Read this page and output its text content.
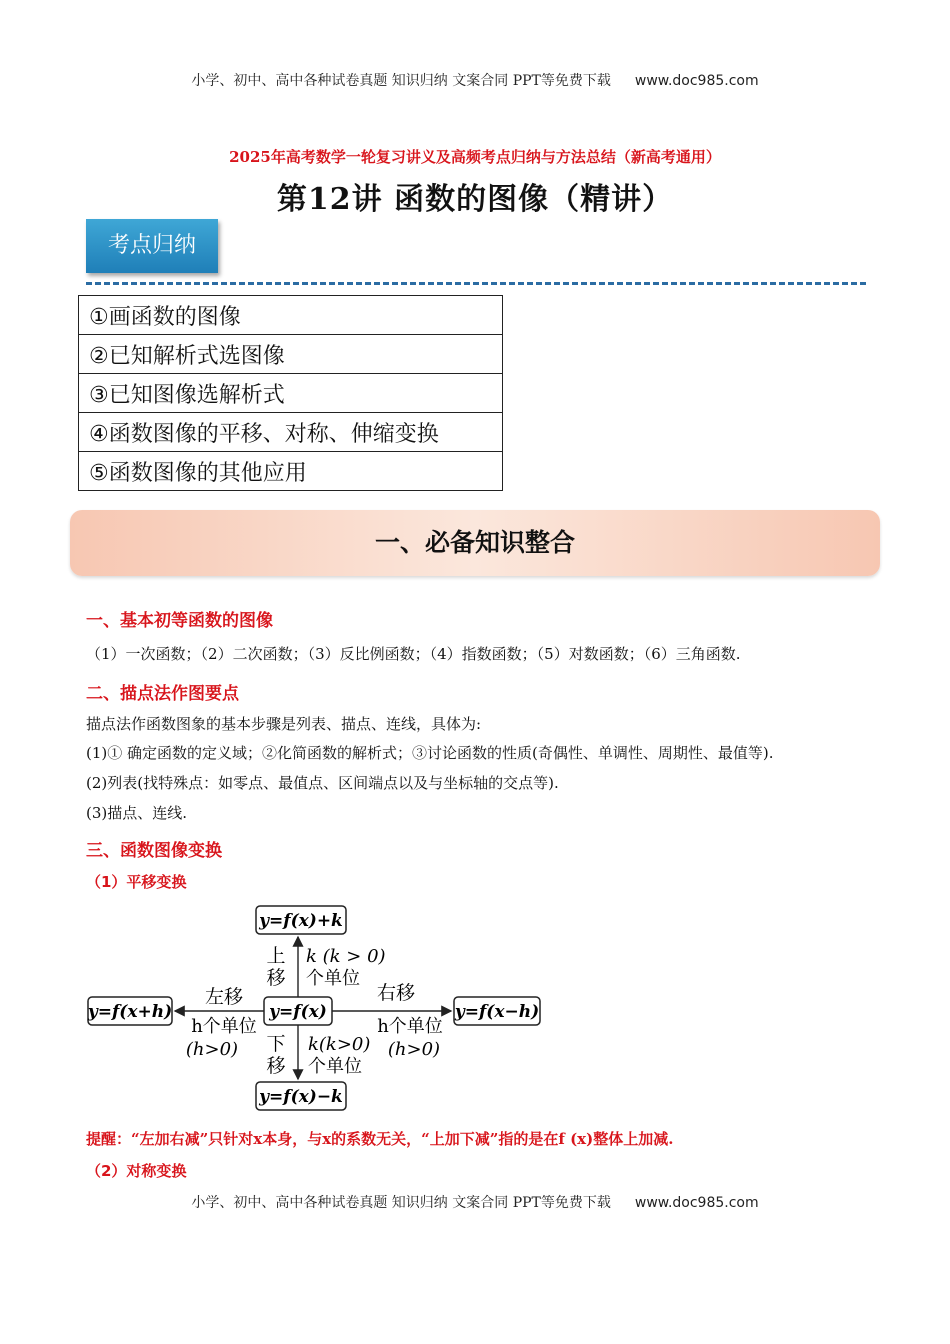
小学、初中、高中各种试卷真题 知识归纳 文案合同 PPT等免费下载 www.doc985.com
2025年高考数学一轮复习讲义及高频考点归纳与方法总结（新高考通用）
第12讲 函数的图像（精讲）
考点归纳
①画函数的图像
②已知解析式选图像
③已知图像选解析式
④函数图像的平移、对称、伸缩变换
⑤函数图像的其他应用
一、必备知识整合
一、基本初等函数的图像
（1）一次函数；（2）二次函数；（3）反比例函数；（4）指数函数；（5）对数函数；（6）三角函数.
二、描点法作图要点
描点法作函数图象的基本步骤是列表、描点、连线，具体为:
(1)① 确定函数的定义域；②化简函数的解析式；③讨论函数的性质(奇偶性、单调性、周期性、最值等).
(2)列表(找特殊点：如零点、最值点、区间端点以及与坐标轴的交点等).
(3)描点、连线.
三、函数图像变换
（1）平移变换
y=f(x)+k
y=f(x)
y=f(x+h)	y=f(x−h)
y=f(x)−k
上
移
k (k > 0)
个单位
下
移
k(k>0)
个单位
左移
h个单位
(h>0)
右移
h个单位
(h>0)
提醒：“左加右减”只针对x本身，与x的系数无关，“上加下减”指的是在f (x)整体上加减.
（2）对称变换
小学、初中、高中各种试卷真题 知识归纳 文案合同 PPT等免费下载 www.doc985.com
